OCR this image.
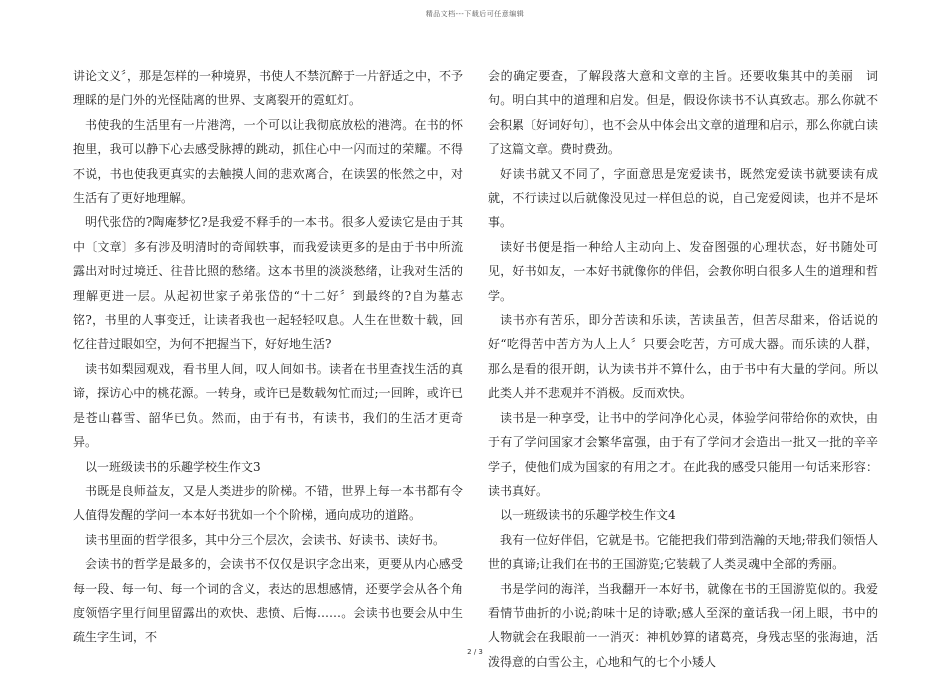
精品文档---下载后可任意编辑

讲论文义〞，那是怎样的一种境界，书使人不禁沉醉于一片舒适之中，不予理睬的是门外的光怪陆离的世界、支离裂开的霓虹灯。

书使我的生活里有一片港湾，一个可以让我彻底放松的港湾。在书的怀抱里，我可以静下心去感受脉搏的跳动，抓住心中一闪而过的荣耀。不得不说，书也使我更真实的去触摸人间的悲欢离合，在读罢的怅然之中，对生活有了更好地理解。

明代张岱的?陶庵梦忆?是我爱不释手的一本书。很多人爱读它是由于其中〔文章〕多有涉及明清时的奇闻轶事，而我爱读更多的是由于书中所流露出对时过境迁、往昔比照的愁绪。这本书里的淡淡愁绪，让我对生活的理解更进一层。从起初世家子弟张岱的“十二好〞到最终的?自为墓志铭?，书里的人事变迁，让读者我也一起轻轻叹息。人生在世数十载，回忆往昔过眼如空，为何不把握当下，好好地生活?

读书如梨园观戏，看书里人间，叹人间如书。读者在书里查找生活的真谛，探访心中的桃花源。一转身，或许已是数载匆忙而过;一回眸，或许已是苍山暮雪、韶华已负。然而，由于有书，有读书，我们的生活才更奇异。

以一班级读书的乐趣学校生作文3

书既是良师益友，又是人类进步的阶梯。不错，世界上每一本书都有令人值得发醒的学问一本本好书犹如一个个阶梯，通向成功的道路。

读书里面的哲学很多，其中分三个层次，会读书、好读书、读好书。

会读书的哲学是最多的，会读书不仅仅是识字念出来，更要从内心感受每一段、每一句、每一个词的含义，表达的思想感情，还要学会从各个角度领悟字里行间里留露出的欢快、悲愤、后悔……。会读书也要会从中生疏生字生词，不

会的确定要查，了解段落大意和文章的主旨。还要收集其中的美丽　词句。明白其中的道理和启发。但是，假设你读书不认真致志。那么你就不会积累〔好词好句〕，也不会从中体会出文章的道理和启示，那么你就白读了这篇文章。费时费劲。

好读书就又不同了，字面意思是宠爱读书，既然宠爱读书就要读有成就，不行读过以后就像没见过一样但总的说，自己宠爱阅读，也并不是坏事。

读好书便是指一种给人主动向上、发奋图强的心理状态，好书随处可见，好书如友，一本好书就像你的伴侣，会教你明白很多人生的道理和哲学。

读书亦有苦乐，即分苦读和乐读，苦读虽苦，但苦尽甜来，俗话说的好“吃得苦中苦方为人上人〞只要会吃苦，方可成大器。而乐读的人群，那么是看的很开朗，认为读书并不算什么，由于书中有大量的学问。所以此类人并不悲观并不消极。反而欢快。

读书是一种享受，让书中的学问净化心灵，体验学问带给你的欢快，由于有了学问国家才会繁华富强，由于有了学问才会造出一批又一批的辛辛学子，使他们成为国家的有用之才。在此我的感受只能用一句话来形容：读书真好。

以一班级读书的乐趣学校生作文4

我有一位好伴侣，它就是书。它能把我们带到浩瀚的天地;带我们领悟人世的真谛;让我们在书的王国游览;它装载了人类灵魂中全部的秀丽。

书是学问的海洋，当我翻开一本好书，就像在书的王国游览似的。我爱看情节曲折的小说;韵味十足的诗歌;感人至深的童话我一闭上眼，书中的人物就会在我眼前一一消灭：神机妙算的诸葛亮，身残志坚的张海迪，活泼得意的白雪公主，心地和气的七个小矮人

2 / 3
